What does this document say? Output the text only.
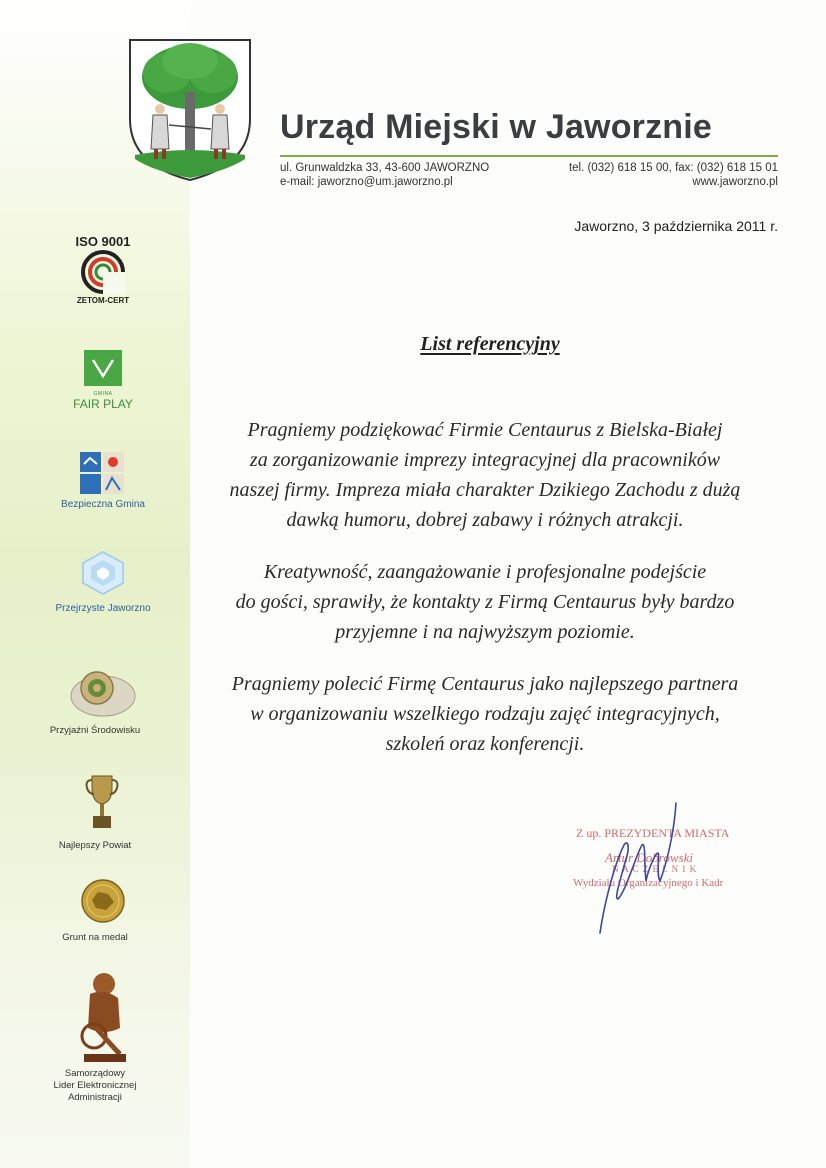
Urząd Miejski w Jaworznie
ul. Grunwaldzka 33, 43-600 JAWORZNO
e-mail: jaworzno@um.jaworzno.pl
tel. (032) 618 15 00, fax: (032) 618 15 01
www.jaworzno.pl
Jaworzno, 3 października 2011 r.
List referencyjny
Pragniemy podziękować Firmie Centaurus z Bielska-Białej
za zorganizowanie imprezy integracyjnej dla pracowników
naszej firmy. Impreza miała charakter Dzikiego Zachodu z dużą
dawką humoru, dobrej zabawy i różnych atrakcji.
Kreatywność, zaangażowanie i profesjonalne podejście
do gości, sprawiły, że kontakty z Firmą Centaurus były bardzo
przyjemne i na najwyższym poziomie.
Pragniemy polecić Firmę Centaurus jako najlepszego partnera
w organizowaniu wszelkiego rodzaju zajęć integracyjnych,
szkoleń oraz konferencji.
Z up. PREZYDENTA MIASTA
Artur Dobrowski
N A C Z E L N I K
Wydziału Organizacyjnego i Kadr
ISO 9001
ZETOM-CERT
GMINA
FAIR PLAY
Bezpieczna Gmina
Przejrzyste Jaworzno
Przyjaźni Środowisku
Najlepszy Powiat
Grunt na medal
Samorządowy
Lider Elektronicznej
Administracji
